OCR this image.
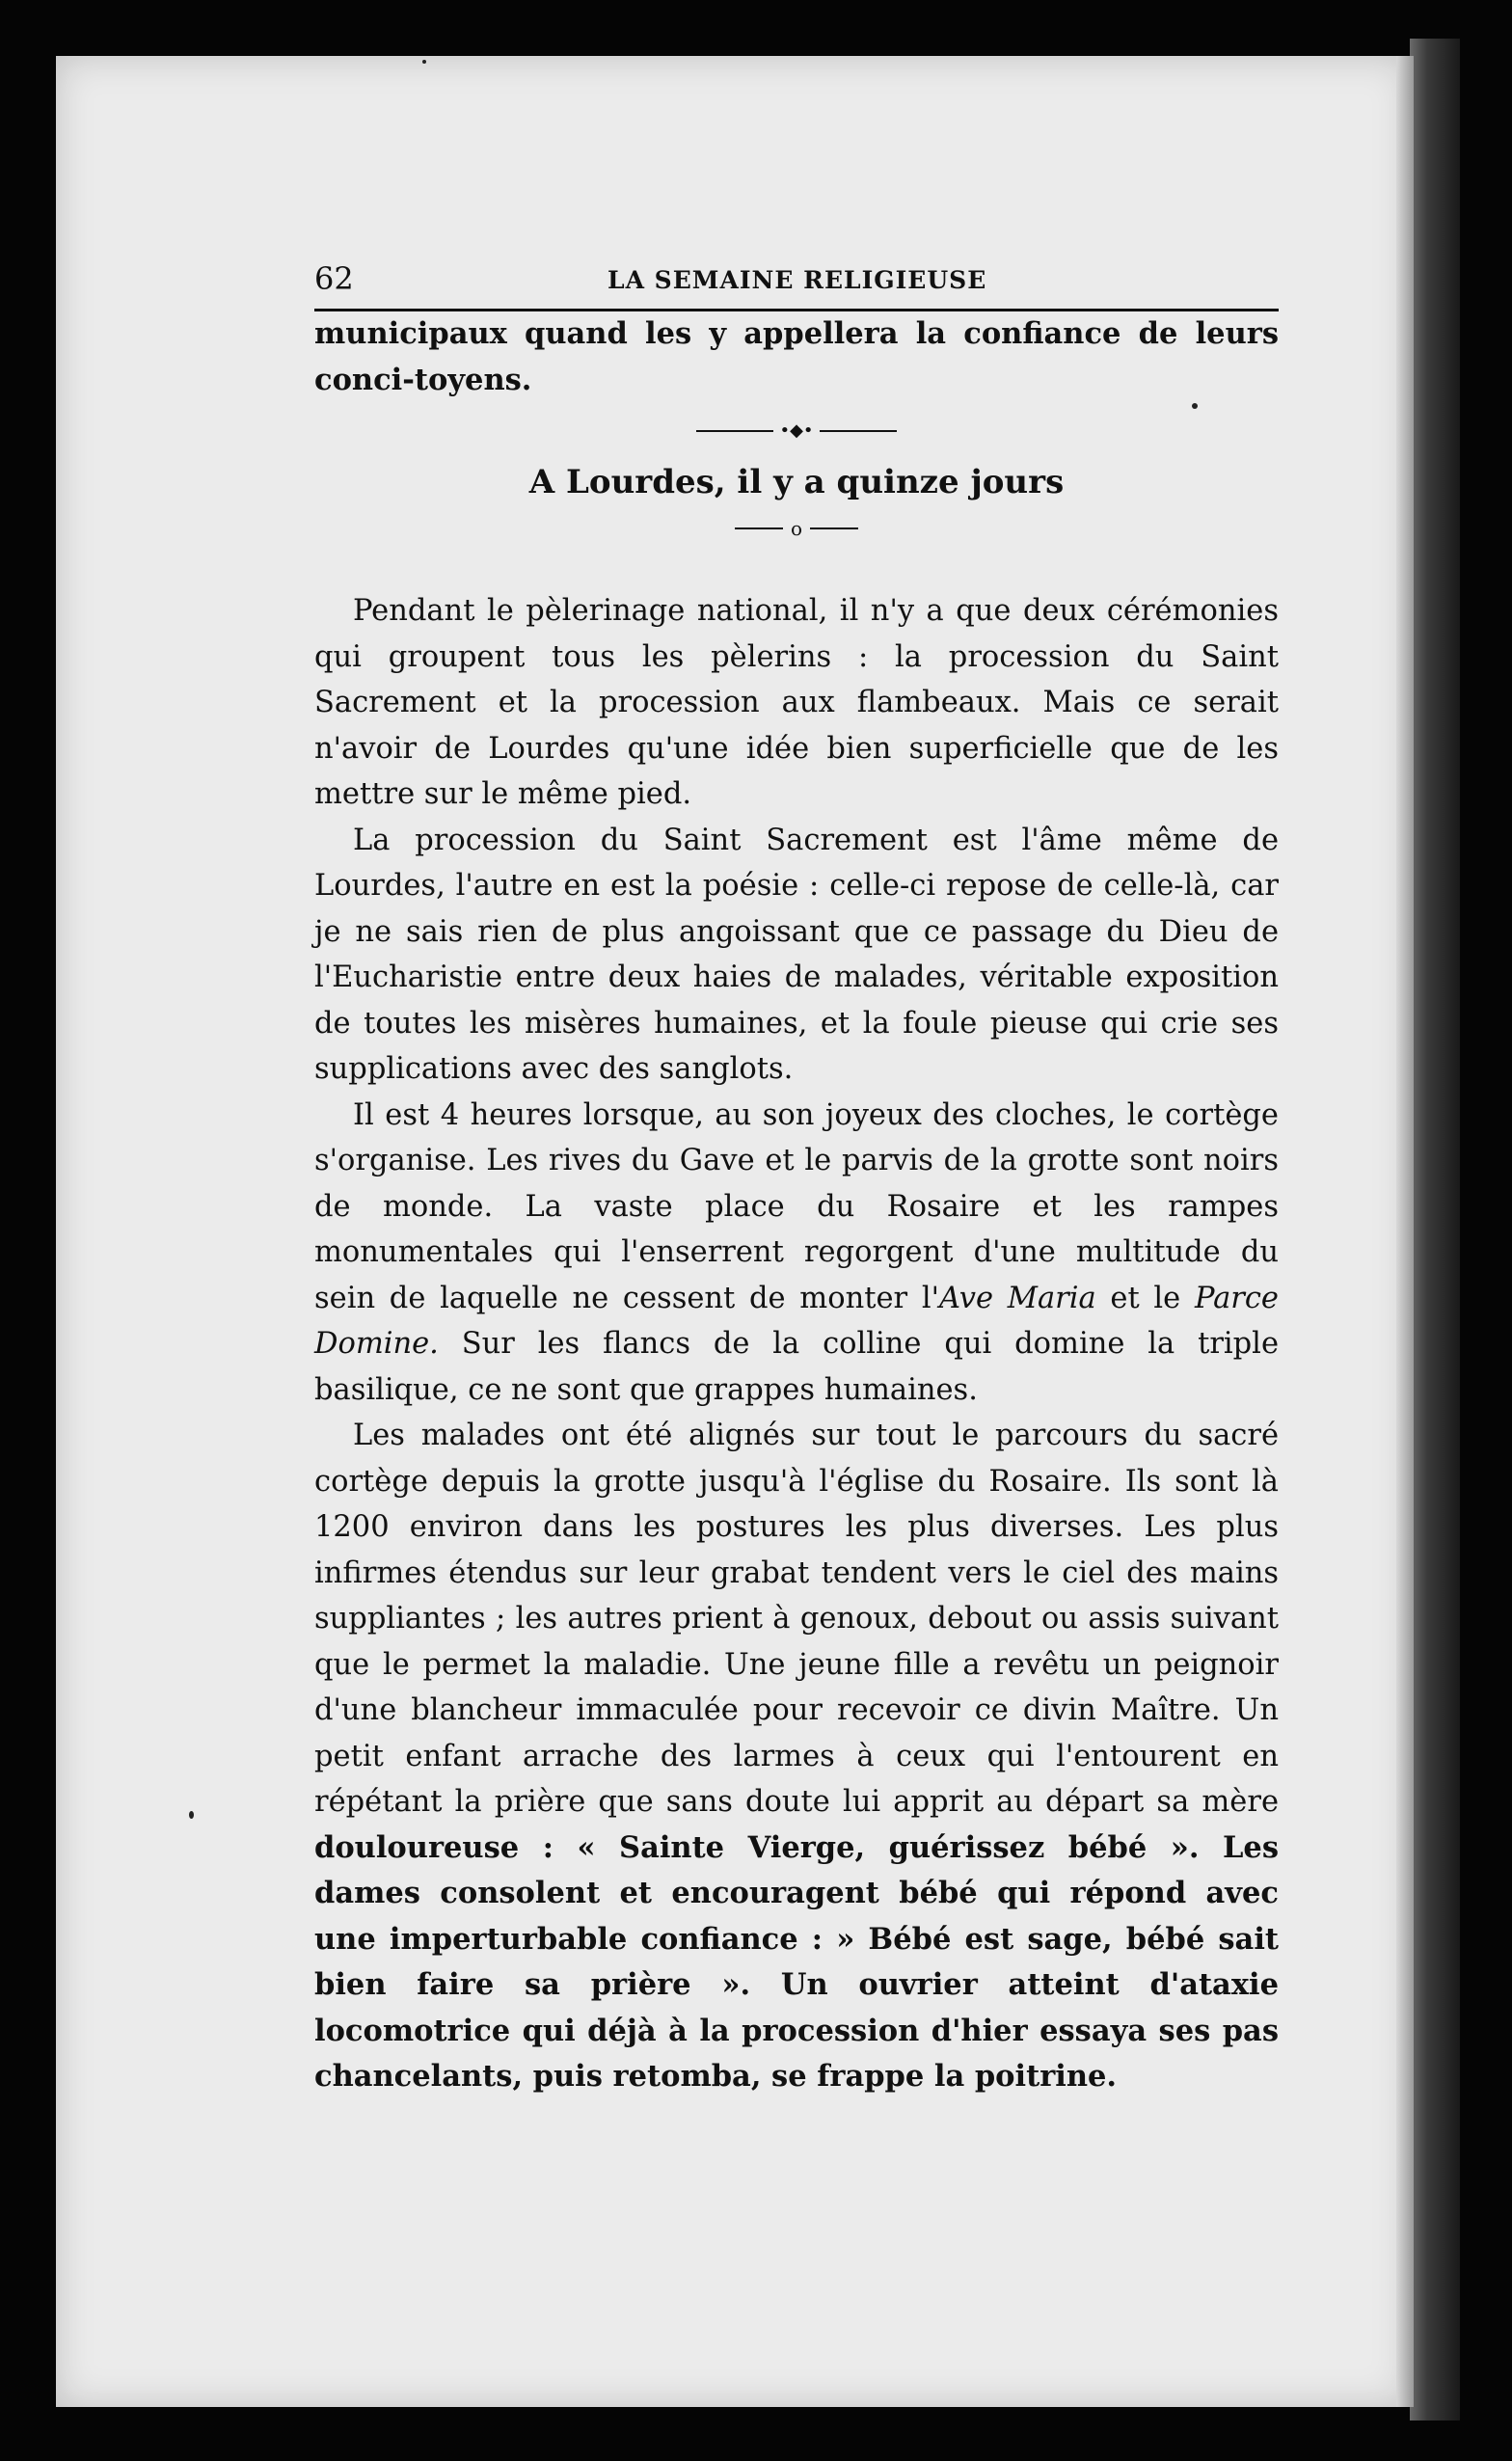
62	LA SEMAINE RELIGIEUSE

municipaux quand les y appellera la confiance de leurs conci-toyens.

•◆•
A Lourdes, il y a quinze jours
o

Pendant le pèlerinage national, il n'y a que deux cérémonies qui groupent tous les pèlerins : la procession du Saint Sacrement et la procession aux flambeaux. Mais ce serait n'avoir de Lourdes qu'une idée bien superficielle que de les mettre sur le même pied.

La procession du Saint Sacrement est l'âme même de Lourdes, l'autre en est la poésie : celle-ci repose de celle-là, car je ne sais rien de plus angoissant que ce passage du Dieu de l'Eucharistie entre deux haies de malades, véritable exposition de toutes les misères humaines, et la foule pieuse qui crie ses supplications avec des sanglots.

Il est 4 heures lorsque, au son joyeux des cloches, le cortège s'organise. Les rives du Gave et le parvis de la grotte sont noirs de monde. La vaste place du Rosaire et les rampes monumentales qui l'enserrent regorgent d'une multitude du sein de laquelle ne cessent de monter l'Ave Maria et le Parce Domine. Sur les flancs de la colline qui domine la triple basilique, ce ne sont que grappes humaines.

Les malades ont été alignés sur tout le parcours du sacré cortège depuis la grotte jusqu'à l'église du Rosaire. Ils sont là 1200 environ dans les postures les plus diverses. Les plus infirmes étendus sur leur grabat tendent vers le ciel des mains suppliantes ; les autres prient à genoux, debout ou assis suivant que le permet la maladie. Une jeune fille a revêtu un peignoir d'une blancheur immaculée pour recevoir ce divin Maître. Un petit enfant arrache des larmes à ceux qui l'entourent en répétant la prière que sans doute lui apprit au départ sa mère douloureuse : « Sainte Vierge, guérissez bébé ». Les dames consolent et encouragent bébé qui répond avec une imperturbable confiance : » Bébé est sage, bébé sait bien faire sa prière ». Un ouvrier atteint d'ataxie locomotrice qui déjà à la procession d'hier essaya ses pas chancelants, puis retomba, se frappe la poitrine.
